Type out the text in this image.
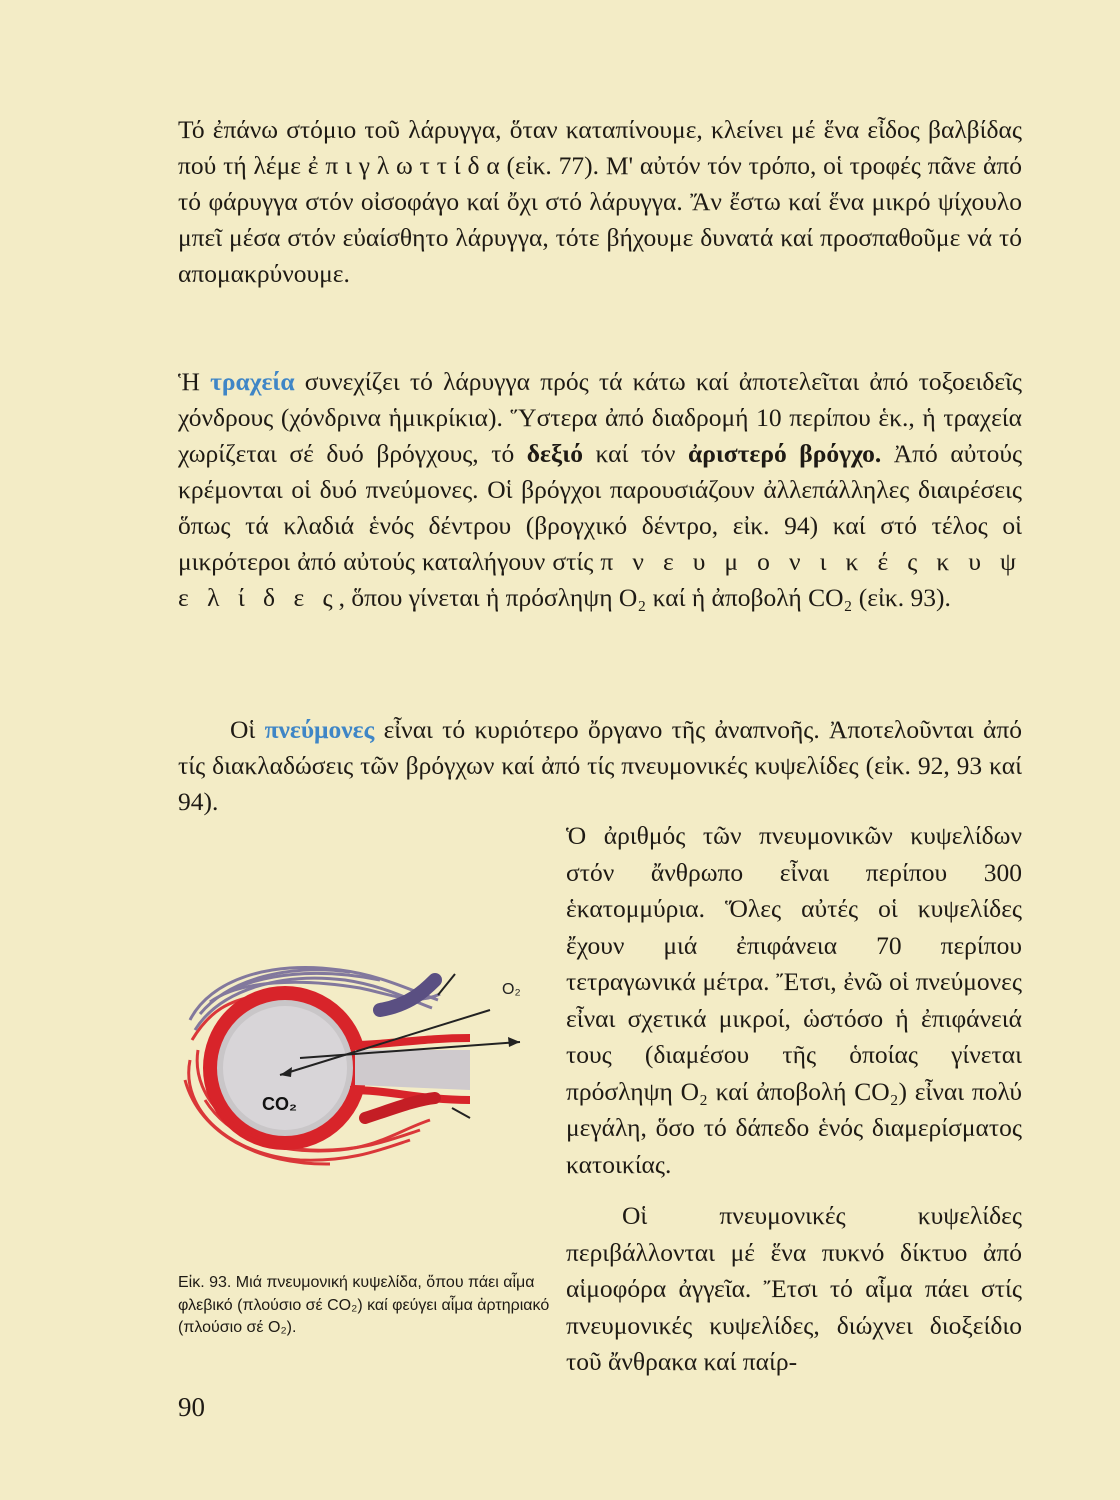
Τό ἐπάνω στόμιο τοῦ λάρυγγα, ὅταν καταπίνουμε, κλείνει μέ ἕνα εἶδος βαλβίδας πού τή λέμε ἐ π ι γ λ ω τ τ ί δ α (εἰκ. 77). Μ' αὐτόν τόν τρόπο, οἱ τροφές πᾶνε ἀπό τό φάρυγγα στόν οἰσοφάγο καί ὄχι στό λάρυγγα. Ἄν ἔστω καί ἕνα μικρό ψίχουλο μπεῖ μέσα στόν εὐαίσθητο λάρυγγα, τότε βήχουμε δυνατά καί προσπαθοῦμε νά τό απομακρύνουμε.

Ἡ τραχεία συνεχίζει τό λάρυγγα πρός τά κάτω καί ἀποτελεῖται ἀπό τοξοειδεῖς χόνδρους (χόνδρινα ἡμικρίκια). Ὕστερα ἀπό διαδρομή 10 περίπου ἑκ., ἡ τραχεία χωρίζεται σέ δυό βρόγχους, τό δεξιό καί τόν ἀριστερό βρόγχο. Ἀπό αὐτούς κρέμονται οἱ δυό πνεύμονες. Οἱ βρόγχοι παρουσιάζουν ἀλλεπάλληλες διαιρέσεις ὅπως τά κλαδιά ἑνός δέντρου (βρογχικό δέντρο, εἰκ. 94) καί στό τέλος οἱ μικρότεροι ἀπό αὐτούς καταλήγουν στίς π ν ε υ μ ο ν ι κ έ ς κ υ ψ ε λ ί δ ε ς, ὅπου γίνεται ἡ πρόσληψη O₂ καί ἡ ἀποβολή CO₂ (εἰκ. 93).

Οἱ πνεύμονες εἶναι τό κυριότερο ὄργανο τῆς ἀναπνοῆς. Ἀποτελοῦνται ἀπό τίς διακλαδώσεις τῶν βρόγχων καί ἀπό τίς πνευμονικές κυψελίδες (εἰκ. 92, 93 καί 94).

Ὁ ἀριθμός τῶν πνευμονικῶν κυψελίδων στόν ἄνθρωπο εἶναι περίπου 300 ἑκατομμύρια. Ὅλες αὐτές οἱ κυψελίδες ἔχουν μιά ἐπιφάνεια 70 περίπου τετραγωνικά μέτρα. Ἔτσι, ἐνῶ οἱ πνεύμονες εἶναι σχετικά μικροί, ὡστόσο ἡ ἐπιφάνειά τους (διαμέσου τῆς ὁποίας γίνεται πρόσληψη O₂ καί ἀποβολή CO₂) εἶναι πολύ μεγάλη, ὅσο τό δάπεδο ἑνός διαμερίσματος κατοικίας.

Οἱ πνευμονικές κυψελίδες περιβάλλονται μέ ἕνα πυκνό δίκτυο ἀπό αἱμοφόρα ἀγγεῖα. Ἔτσι τό αἷμα πάει στίς πνευμονικές κυψελίδες, διώχνει διοξείδιο τοῦ ἄνθρακα καί παίρ-

O₂
CO₂
Εἰκ. 93. Μιά πνευμονική κυψελίδα, ὅπου πάει αἷμα φλεβικό (πλούσιο σέ CO₂) καί φεύγει αἷμα ἀρτηριακό (πλούσιο σέ O₂).
90
